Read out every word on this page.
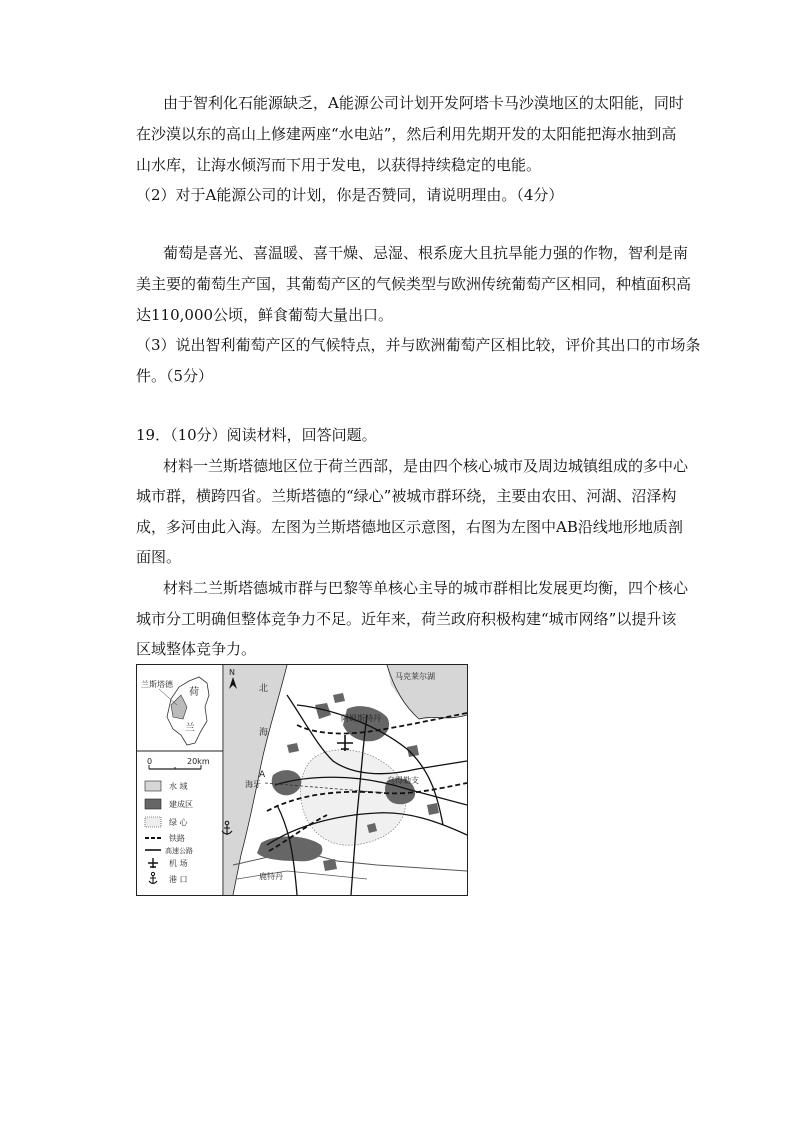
由于智利化石能源缺乏，A能源公司计划开发阿塔卡马沙漠地区的太阳能，同时
在沙漠以东的高山上修建两座“水电站”，然后利用先期开发的太阳能把海水抽到高
山水库，让海水倾泻而下用于发电，以获得持续稳定的电能。
（2）对于A能源公司的计划，你是否赞同，请说明理由。（4分）
葡萄是喜光、喜温暖、喜干燥、忌湿、根系庞大且抗旱能力强的作物，智利是南
美主要的葡萄生产国，其葡萄产区的气候类型与欧洲传统葡萄产区相同，种植面积高
达110,000公顷，鲜食葡萄大量出口。
（3）说出智利葡萄产区的气候特点，并与欧洲葡萄产区相比较，评价其出口的市场条
件。（5分）
19．（10分）阅读材料，回答问题。
材料一兰斯塔德地区位于荷兰西部，是由四个核心城市及周边城镇组成的多中心
城市群，横跨四省。兰斯塔德的“绿心”被城市群环绕，主要由农田、河湖、沼泽构
成，多河由此入海。左图为兰斯塔德地区示意图，右图为左图中AB沿线地形地质剖
面图。
材料二兰斯塔德城市群与巴黎等单核心主导的城市群相比发展更均衡，四个核心
城市分工明确但整体竞争力不足。近年来，荷兰政府积极构建“城市网络”以提升该
区域整体竞争力。
兰斯塔德
荷
兰
0	20km
水 域
建成区
绿 心
铁路
高速公路
机 场
港 口
N
北
海
马克莱尔湖
阿姆斯特丹
海牙	乌得勒支
鹿特丹
A
